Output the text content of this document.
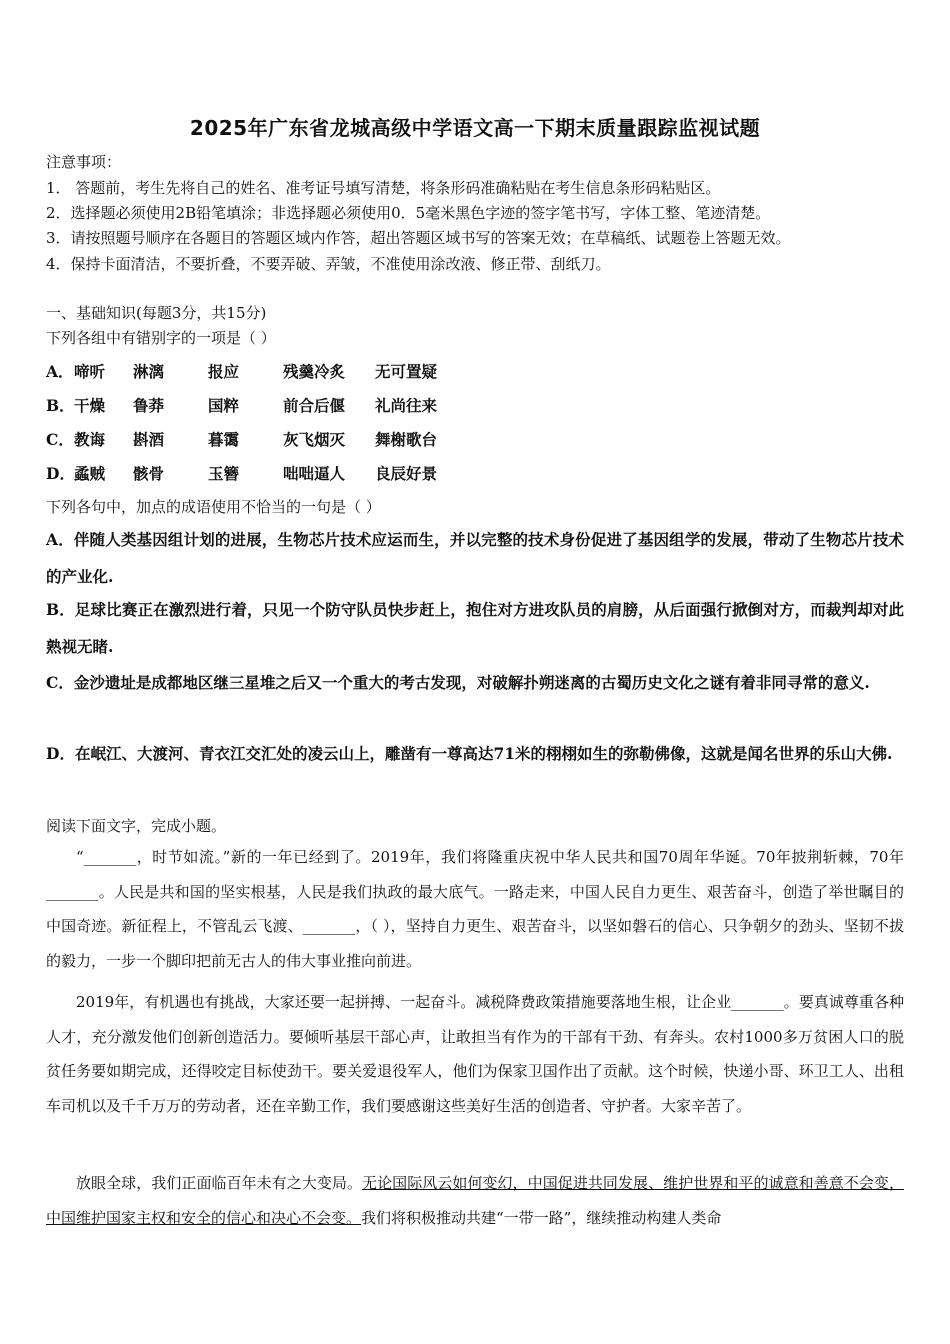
2025年广东省龙城高级中学语文高一下期末质量跟踪监视试题
注意事项：
1． 答题前，考生先将自己的姓名、准考证号填写清楚，将条形码准确粘贴在考生信息条形码粘贴区。
2．选择题必须使用2B铅笔填涂；非选择题必须使用0．5毫米黑色字迹的签字笔书写，字体工整、笔迹清楚。
3．请按照题号顺序在各题目的答题区域内作答，超出答题区域书写的答案无效；在草稿纸、试题卷上答题无效。
4．保持卡面清洁，不要折叠，不要弄破、弄皱，不准使用涂改液、修正带、刮纸刀。
一、基础知识(每题3分，共15分)
下列各组中有错别字的一项是（ ）
A． 啼听 淋漓	报应	残羹冷炙 无可置疑
B． 干燥 鲁莽	国粹	前合后偃 礼尚往来
C． 教诲 斟酒	暮霭	灰飞烟灭 舞榭歌台
D． 蟊贼 骸骨	玉簪	咄咄逼人 良辰好景
下列各句中，加点的成语使用不恰当的一句是（ ）
A．伴随人类基因组计划的进展，生物芯片技术应运而生，并以完整的技术身份促进了基因组学的发展，带动了生物芯片技术的产业化.
B．足球比赛正在激烈进行着，只见一个防守队员快步赶上，抱住对方进攻队员的肩膀，从后面强行掀倒对方，而裁判却对此熟视无睹.
C．金沙遗址是成都地区继三星堆之后又一个重大的考古发现，对破解扑朔迷离的古蜀历史文化之谜有着非同寻常的意义.
D．在岷江、大渡河、青衣江交汇处的凌云山上，雕凿有一尊高达71米的栩栩如生的弥勒佛像，这就是闻名世界的乐山大佛.
阅读下面文字，完成小题。
“_______，时节如流。”新的一年已经到了。2019年，我们将隆重庆祝中华人民共和国70周年华诞。70年披荆斩棘，70年_______。人民是共和国的坚实根基，人民是我们执政的最大底气。一路走来，中国人民自力更生、艰苦奋斗，创造了举世瞩目的中国奇迹。新征程上，不管乱云飞渡、_______，（ ），坚持自力更生、艰苦奋斗，以坚如磐石的信心、只争朝夕的劲头、坚韧不拔的毅力，一步一个脚印把前无古人的伟大事业推向前进。
2019年，有机遇也有挑战，大家还要一起拼搏、一起奋斗。减税降费政策措施要落地生根，让企业_______。要真诚尊重各种人才，充分激发他们创新创造活力。要倾听基层干部心声，让敢担当有作为的干部有干劲、有奔头。农村1000多万贫困人口的脱贫任务要如期完成，还得咬定目标使劲干。要关爱退役军人，他们为保家卫国作出了贡献。这个时候，快递小哥、环卫工人、出租车司机以及千千万万的劳动者，还在辛勤工作，我们要感谢这些美好生活的创造者、守护者。大家辛苦了。
放眼全球，我们正面临百年未有之大变局。无论国际风云如何变幻，中国促进共同发展、维护世界和平的诚意和善意不会变，中国维护国家主权和安全的信心和决心不会变。我们将积极推动共建“一带一路”，继续推动构建人类命
